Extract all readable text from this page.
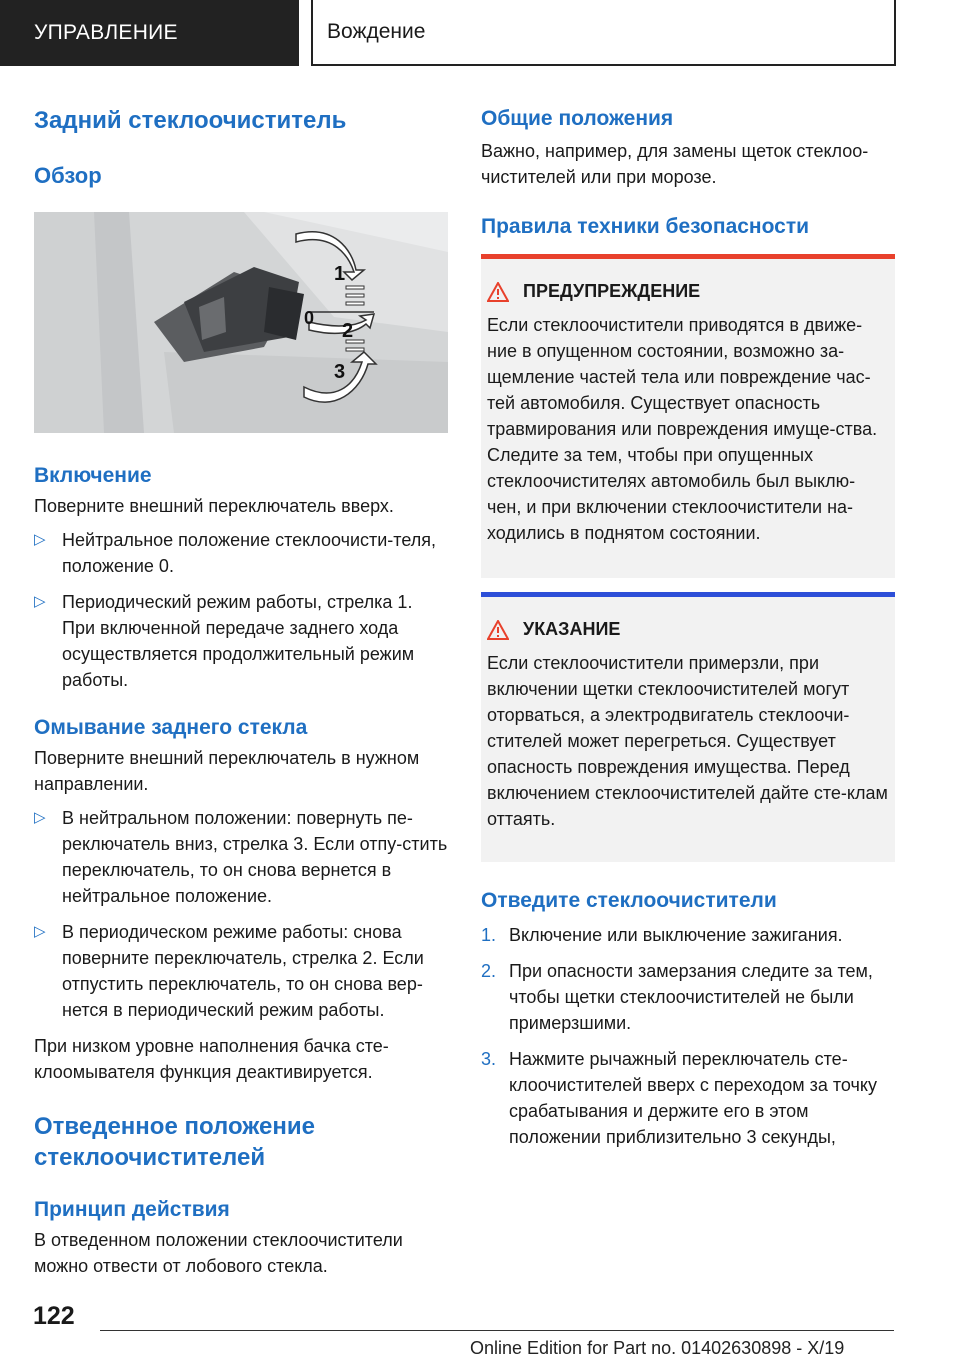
УПРАВЛЕНИЕ	Вождение
Задний стеклоочиститель
Обзор
1
0
2
3
Включение

Поверните внешний переключатель вверх.

▷ Нейтральное положение стеклоочисти-теля, положение 0.
▷ Периодический режим работы, стрелка 1. При включенной передаче заднего хода осуществляется продолжительный режим работы.
Омывание заднего стекла

Поверните внешний переключатель в нужном направлении.

▷ В нейтральном положении: повернуть пе-реключатель вниз, стрелка 3. Если отпу-стить переключатель, то он снова вернется в нейтральное положение.
▷ В периодическом режиме работы: снова поверните переключатель, стрелка 2. Если отпустить переключатель, то он снова вер-нется в периодический режим работы.

При низком уровне наполнения бачка сте-клоомывателя функция деактивируется.

Отведенное положение стеклоочистителей
Принцип действия

В отведенном положении стеклоочистители можно отвести от лобового стекла.

Общие положения

Важно, например, для замены щеток стеклоо-чистителей или при морозе.

Правила техники безопасности
ПРЕДУПРЕЖДЕНИЕ

Если стеклоочистители приводятся в движе-ние в опущенном состоянии, возможно за-щемление частей тела или повреждение час-тей автомобиля. Существует опасность травмирования или повреждения имуще-ства. Следите за тем, чтобы при опущенных стеклоочистителях автомобиль был выклю-чен, и при включении стеклоочистители на-ходились в поднятом состоянии.

УКАЗАНИЕ

Если стеклоочистители примерзли, при включении щетки стеклоочистителей могут оторваться, а электродвигатель стеклоочи-стителей может перегреться. Существует опасность повреждения имущества. Перед включением стеклоочистителей дайте сте-клам оттаять.

Отведите стеклоочистители
1. Включение или выключение зажигания.
2. При опасности замерзания следите за тем, чтобы щетки стеклоочистителей не были примерзшими.
3. Нажмите рычажный переключатель сте-клоочистителей вверх с переходом за точку срабатывания и держите его в этом положении приблизительно 3 секунды,
122
Online Edition for Part no. 01402630898 - X/19
